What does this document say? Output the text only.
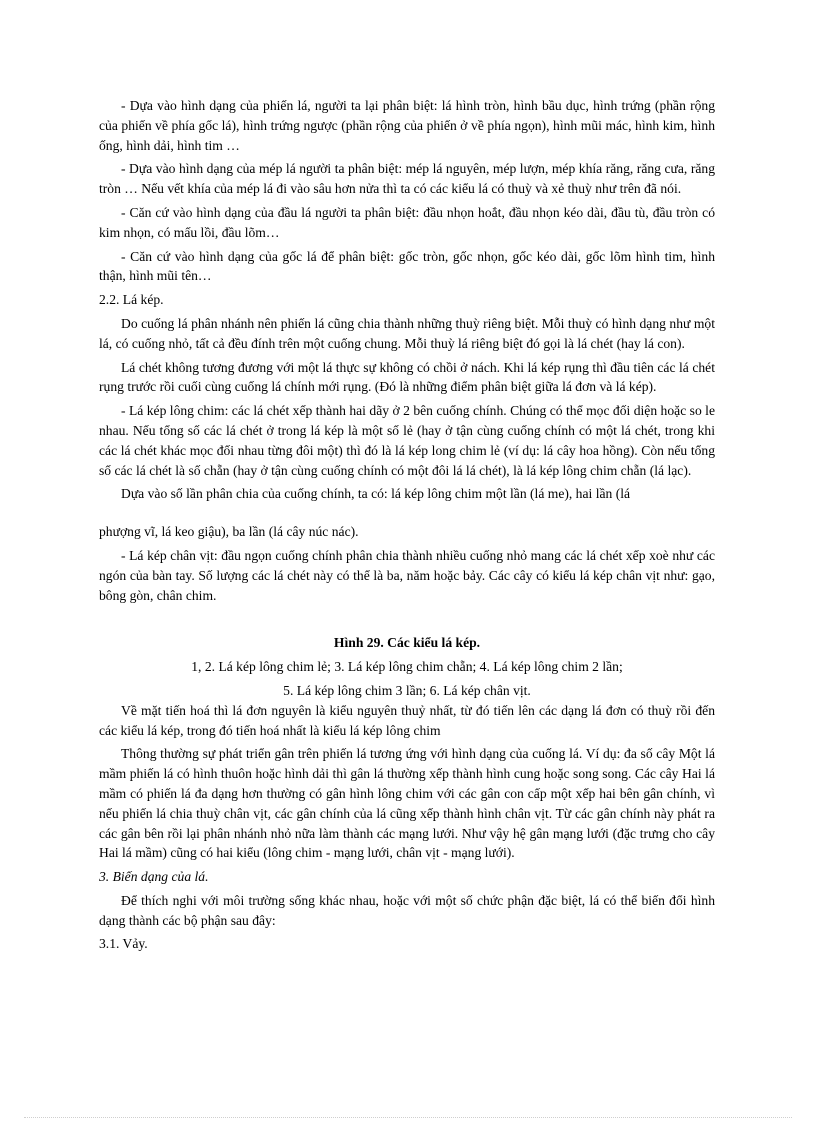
- Dựa vào hình dạng của phiến lá, người ta lại phân biệt: lá hình tròn, hình bầu dục, hình trứng (phần rộng của phiến về phía gốc lá), hình trứng ngược (phần rộng của phiến ở về phía ngọn), hình mũi mác, hình kim, hình ống, hình dải, hình tim …

- Dựa vào hình dạng của mép lá người ta phân biệt: mép lá nguyên, mép lượn, mép khía răng, răng cưa, răng tròn … Nếu vết khía của mép lá đi vào sâu hơn nửa thì ta có các kiểu lá có thuỳ và xẻ thuỳ như trên đã nói.

- Căn cứ vào hình dạng của đầu lá người ta phân biệt: đầu nhọn hoắt, đầu nhọn kéo dài, đầu tù, đầu tròn có kim nhọn, có mấu lồi, đầu lõm…

- Căn cứ vào hình dạng của gốc lá để phân biệt: gốc tròn, gốc nhọn, gốc kéo dài, gốc lõm hình tim, hình thận, hình mũi tên…

2.2. Lá kép.

Do cuống lá phân nhánh nên phiến lá cũng chia thành những thuỳ riêng biệt. Mỗi thuỳ có hình dạng như một lá, có cuống nhỏ, tất cả đều đính trên một cuống chung. Mỗi thuỳ lá riêng biệt đó gọi là lá chét (hay lá con).

Lá chét không tương đương với một lá thực sự không có chồi ở nách. Khi lá kép rụng thì đầu tiên các lá chét rụng trước rồi cuối cùng cuống lá chính mới rụng. (Đó là những điểm phân biệt giữa lá đơn và lá kép).

- Lá kép lông chim: các lá chét xếp thành hai dãy ở 2 bên cuống chính. Chúng có thể mọc đối diện hoặc so le nhau. Nếu tổng số các lá chét ở trong lá kép là một số lẻ (hay ở tận cùng cuống chính có một lá chét, trong khi các lá chét khác mọc đối nhau từng đôi một) thì đó là lá kép long chim lẻ (ví dụ: lá cây hoa hồng). Còn nếu tổng số các lá chét là số chẵn (hay ở tận cùng cuống chính có một đôi lá lá chét), là lá kép lông chim chẵn (lá lạc).

Dựa vào số lần phân chia của cuống chính, ta có: lá kép lông chim một lần (lá me), hai lần (lá

phượng vĩ, lá keo giậu), ba lần (lá cây núc nác).

- Lá kép chân vịt: đầu ngọn cuống chính phân chia thành nhiều cuống nhỏ mang các lá chét xếp xoè như các ngón của bàn tay. Số lượng các lá chét này có thể là ba, năm hoặc bảy. Các cây có kiểu lá kép chân vịt như: gạo, bông gòn, chân chim.

Hình 29. Các kiểu lá kép.

1, 2. Lá kép lông chim lẻ; 3. Lá kép lông chim chẵn; 4. Lá kép lông chim 2 lần;

5. Lá kép lông chim 3 lần; 6. Lá kép chân vịt.

Về mặt tiến hoá thì lá đơn nguyên là kiểu nguyên thuỷ nhất, từ đó tiến lên các dạng lá đơn có thuỳ rồi đến các kiểu lá kép, trong đó tiến hoá nhất là kiểu lá kép lông chim

Thông thường sự phát triển gân trên phiến lá tương ứng với hình dạng của cuống lá. Ví dụ: đa số cây Một lá mầm phiến lá có hình thuôn hoặc hình dải thì gân lá thường xếp thành hình cung hoặc song song. Các cây Hai lá mầm có phiến lá đa dạng hơn thường có gân hình lông chim với các gân con cấp một xếp hai bên gân chính, vì nếu phiến lá chia thuỳ chân vịt, các gân chính của lá cũng xếp thành hình chân vịt. Từ các gân chính này phát ra các gân bên rồi lại phân nhánh nhỏ nữa làm thành các mạng lưới. Như vậy hệ gân mạng lưới (đặc trưng cho cây Hai lá mầm) cũng có hai kiểu (lông chim - mạng lưới, chân vịt - mạng lưới).

3. Biến dạng của lá.

Để thích nghi với môi trường sống khác nhau, hoặc với một số chức phận đặc biệt, lá có thể biến đổi hình dạng thành các bộ phận sau đây:

3.1. Vảy.
